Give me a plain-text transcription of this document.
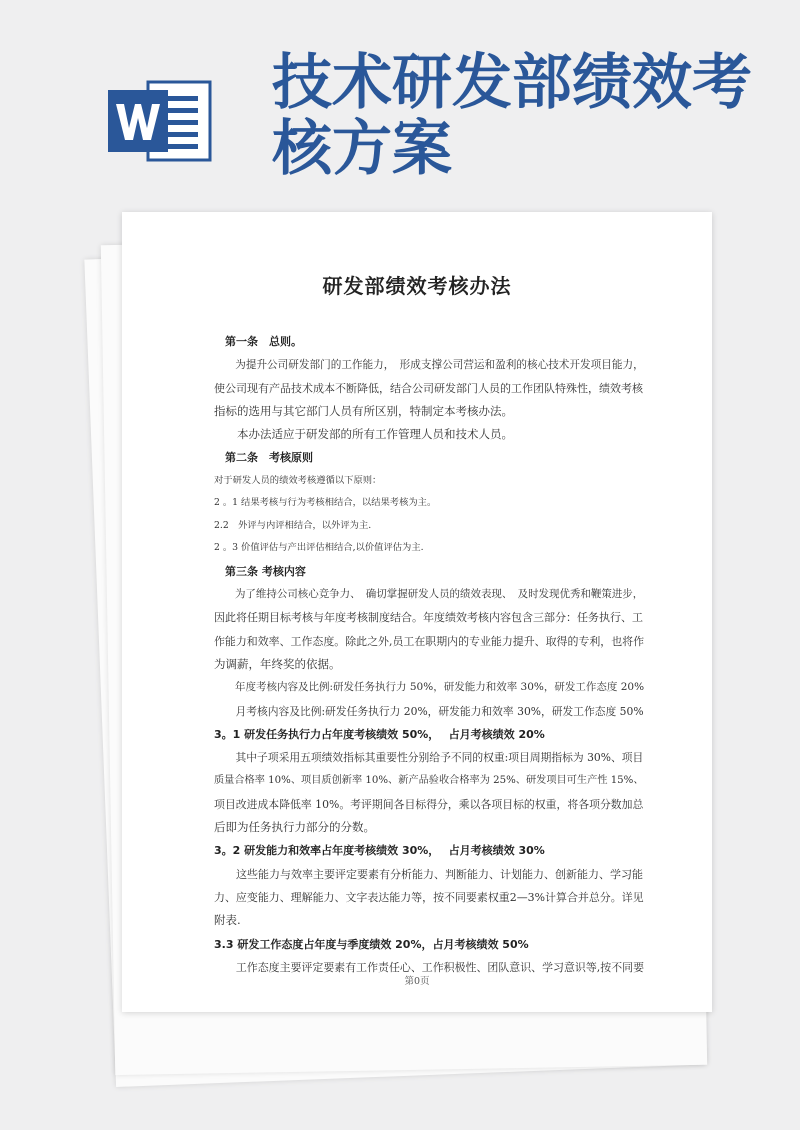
技术研发部绩效考
核方案
研发部绩效考核办法

第一条　总则。

为提升公司研发部门的工作能力，　形成支撑公司营运和盈利的核心技术开发项目能力，

使公司现有产品技术成本不断降低，结合公司研发部门人员的工作团队特殊性，绩效考核

指标的选用与其它部门人员有所区别，特制定本考核办法。

本办法适应于研发部的所有工作管理人员和技术人员。

第二条　考核原则

对于研发人员的绩效考核遵循以下原则：

2 。1 结果考核与行为考核相结合，以结果考核为主。

2.2　外评与内评相结合，以外评为主.

2 。3 价值评估与产出评估相结合,以价值评估为主.

第三条 考核内容

为了维持公司核心竞争力、　确切掌握研发人员的绩效表现、　及时发现优秀和鞭策进步，

因此将任期目标考核与年度考核制度结合。年度绩效考核内容包含三部分：任务执行、工

作能力和效率、工作态度。除此之外,员工在职期内的专业能力提升、取得的专利，也将作

为调薪，年终奖的依据。

年度考核内容及比例:研发任务执行力 50%，研发能力和效率 30%，研发工作态度 20%

月考核内容及比例:研发任务执行力 20%，研发能力和效率 30%，研发工作态度 50%

3。1 研发任务执行力占年度考核绩效 50%，　 占月考核绩效 20%

其中子项采用五项绩效指标其重要性分别给予不同的权重:项目周期指标为 30%、项目

质量合格率 10%、项目质创新率 10%、新产品验收合格率为 25%、研发项目可生产性 15%、

项目改进成本降低率 10%。考评期间各目标得分，乘以各项目标的权重，将各项分数加总

后即为任务执行力部分的分数。

3。2 研发能力和效率占年度考核绩效 30%，　 占月考核绩效 30%

这些能力与效率主要评定要素有分析能力、判断能力、计划能力、创新能力、学习能

力、应变能力、理解能力、文字表达能力等，按不同要素权重2—3%计算合并总分。详见

附表.

3.3 研发工作态度占年度与季度绩效 20%，占月考核绩效 50%

工作态度主要评定要素有工作责任心、工作积极性、团队意识、学习意识等,按不同要

第0页
